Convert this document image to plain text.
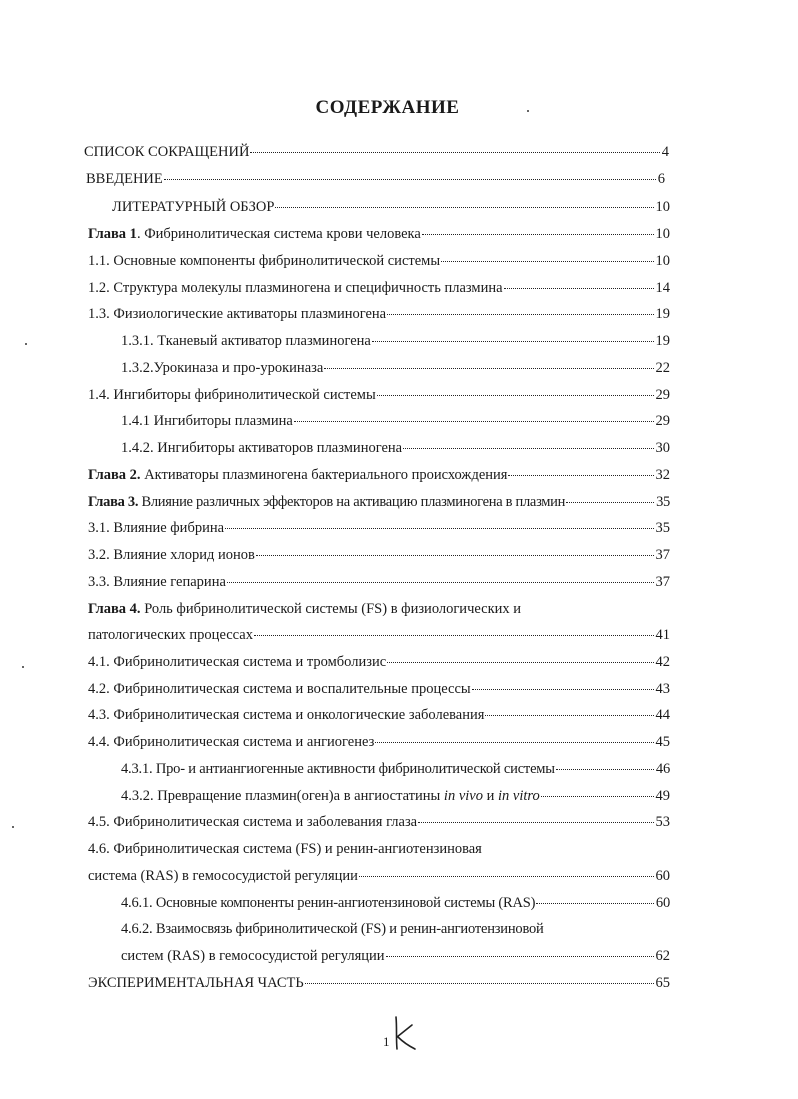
СОДЕРЖАНИЕ
СПИСОК СОКРАЩЕНИЙ	4
ВВЕДЕНИЕ	6
ЛИТЕРАТУРНЫЙ ОБЗОР	10
Глава 1. Фибринолитическая система крови человека	10
1.1. Основные компоненты фибринолитической системы	10
1.2. Структура молекулы плазминогена и специфичность плазмина	14
1.3. Физиологические активаторы плазминогена	19
1.3.1. Тканевый активатор плазминогена	19
1.3.2.Урокиназа и про-урокиназа	22
1.4. Ингибиторы фибринолитической системы	29
1.4.1 Ингибиторы плазмина	29
1.4.2. Ингибиторы активаторов плазминогена	30
Глава 2. Активаторы плазминогена бактериального происхождения	32
Глава 3. Влияние различных эффекторов на активацию плазминогена в плазмин	35
3.1. Влияние фибрина	35
3.2. Влияние хлорид ионов	37
3.3. Влияние гепарина	37
Глава 4. Роль фибринолитической системы (FS) в физиологических и
патологических процессах	41
4.1. Фибринолитическая система и тромболизис	42
4.2. Фибринолитическая система и воспалительные процессы	43
4.3. Фибринолитическая система и онкологические заболевания	44
4.4. Фибринолитическая система и ангиогенез	45
4.3.1. Про- и антиангиогенные активности фибринолитической системы	46
4.3.2. Превращение плазмин(оген)а в ангиостатины in vivo и in vitro	49
4.5. Фибринолитическая система и заболевания глаза	53
4.6. Фибринолитическая система (FS) и ренин-ангиотензиновая
система (RAS) в гемососудистой регуляции	60
4.6.1. Основные компоненты ренин-ангиотензиновой системы (RAS)	60
4.6.2. Взаимосвязь фибринолитической (FS) и ренин-ангиотензиновой
систем (RAS) в гемососудистой регуляции	62
ЭКСПЕРИМЕНТАЛЬНАЯ ЧАСТЬ	65
1
